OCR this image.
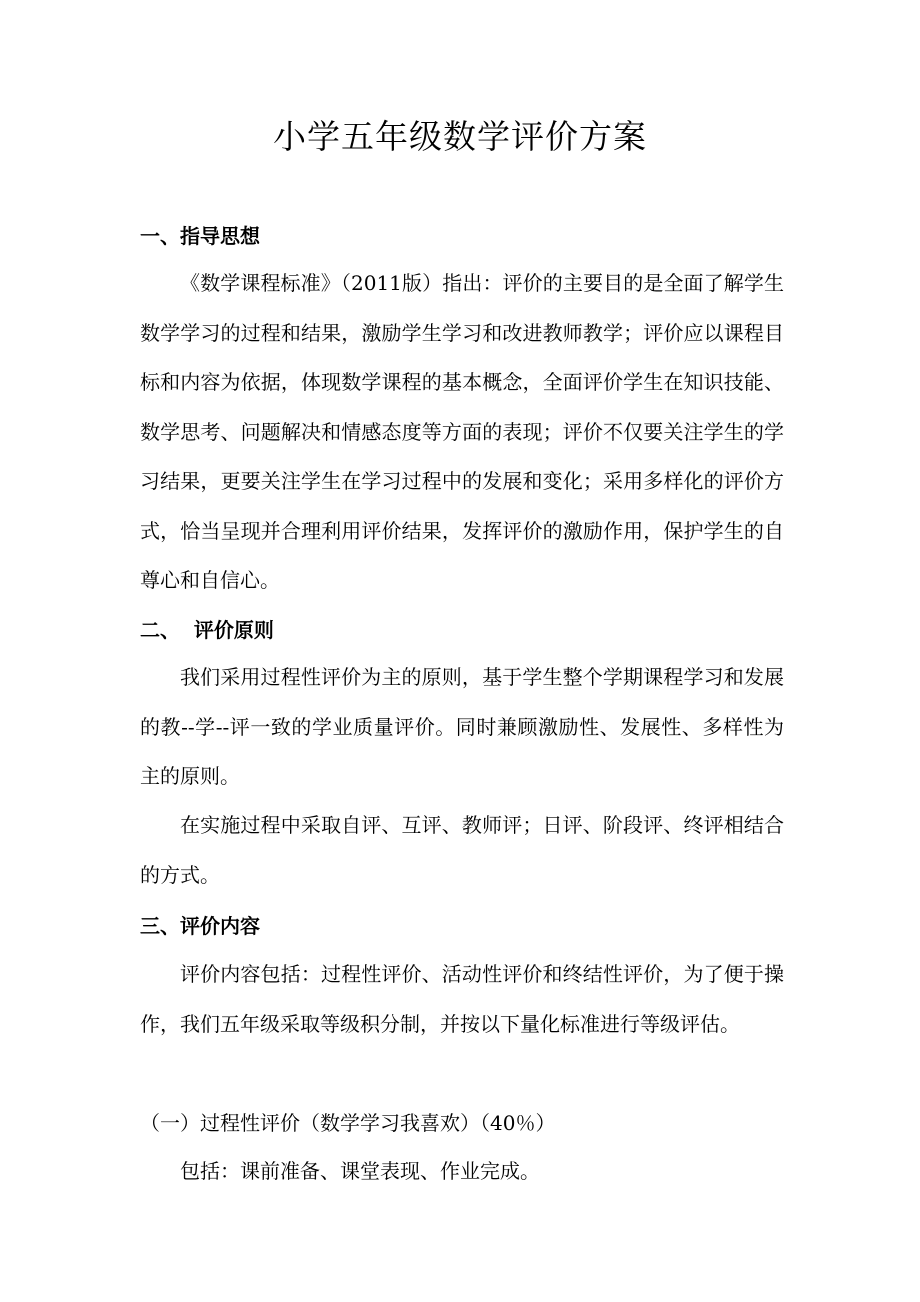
小学五年级数学评价方案
一、指导思想

《数学课程标准》（2011版）指出：评价的主要目的是全面了解学生数学学习的过程和结果，激励学生学习和改进教师教学；评价应以课程目标和内容为依据，体现数学课程的基本概念，全面评价学生在知识技能、数学思考、问题解决和情感态度等方面的表现；评价不仅要关注学生的学习结果，更要关注学生在学习过程中的发展和变化；采用多样化的评价方式，恰当呈现并合理利用评价结果，发挥评价的激励作用，保护学生的自尊心和自信心。

二、  评价原则

我们采用过程性评价为主的原则，基于学生整个学期课程学习和发展的教--学--评一致的学业质量评价。同时兼顾激励性、发展性、多样性为主的原则。

在实施过程中采取自评、互评、教师评；日评、阶段评、终评相结合的方式。

三、评价内容

评价内容包括：过程性评价、活动性评价和终结性评价，为了便于操作，我们五年级采取等级积分制，并按以下量化标准进行等级评估。

（一）过程性评价（数学学习我喜欢）（40％）

包括：课前准备、课堂表现、作业完成。
